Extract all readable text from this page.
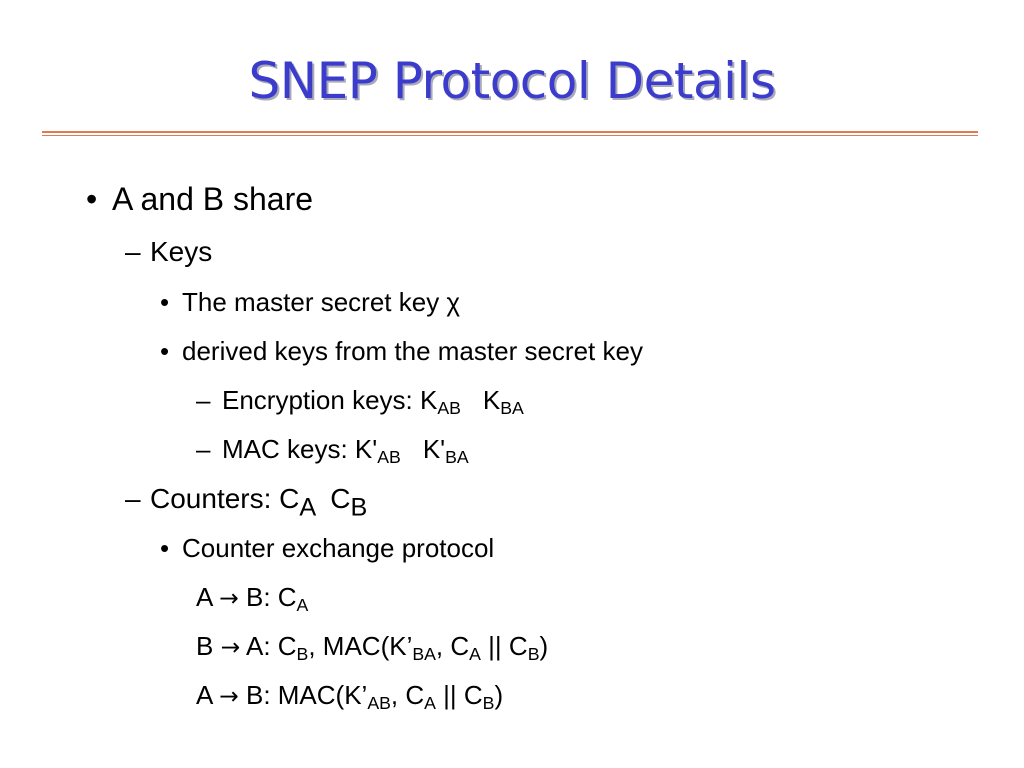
SNEP Protocol Details
• A and B share
– Keys
• The master secret key χ
• derived keys from the master secret key
– Encryption keys: $K_{AB}$ $K_{BA}$
– MAC keys: $K'_{AB}$ $K'_{BA}$
– Counters: $C_A$ $C_B$
• Counter exchange protocol
A → B: $C_A$
B → A: $C_B$, $MAC(K’_{BA}$, $C_A$ || $C_B$)
A → B: $MAC(K’_{AB}$, $C_A$ || $C_B$)
